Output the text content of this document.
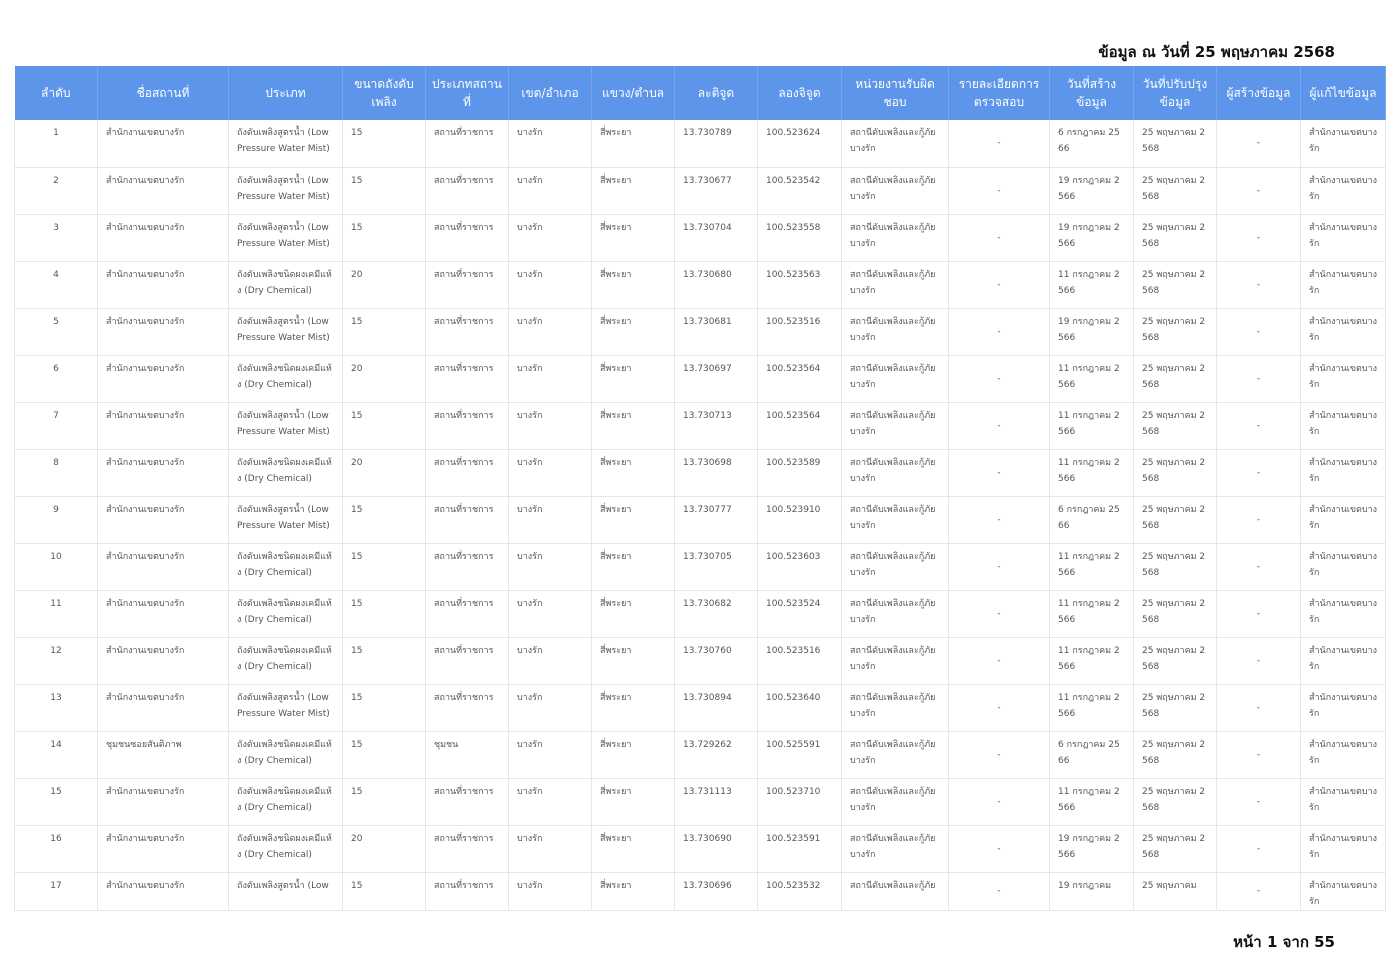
ข้อมูล ณ วันที่ 25 พฤษภาคม 2568
ลำดับ	ชื่อสถานที่	ประเภท	ขนาดถังดับเพลิง	ประเภทสถานที่	เขต/อำเภอ	แขวง/ตำบล	ละติจูด	ลองจิจูด	หน่วยงานรับผิดชอบ	รายละเอียดการตรวจสอบ	วันที่สร้างข้อมูล	วันที่ปรับปรุงข้อมูล	ผู้สร้างข้อมูล	ผู้แก้ไขข้อมูล
1	สำนักงานเขตบางรัก	ถังดับเพลิงสูตรน้ำ (Low Pressure Water Mist)	15	สถานที่ราชการ	บางรัก	สี่พระยา	13.730789	100.523624	สถานีดับเพลิงและกู้ภัยบางรัก	-	6 กรกฎาคม 2566	25 พฤษภาคม 2568	-	สำนักงานเขตบางรัก
2	สำนักงานเขตบางรัก	ถังดับเพลิงสูตรน้ำ (Low Pressure Water Mist)	15	สถานที่ราชการ	บางรัก	สี่พระยา	13.730677	100.523542	สถานีดับเพลิงและกู้ภัยบางรัก	-	19 กรกฎาคม 2566	25 พฤษภาคม 2568	-	สำนักงานเขตบางรัก
3	สำนักงานเขตบางรัก	ถังดับเพลิงสูตรน้ำ (Low Pressure Water Mist)	15	สถานที่ราชการ	บางรัก	สี่พระยา	13.730704	100.523558	สถานีดับเพลิงและกู้ภัยบางรัก	-	19 กรกฎาคม 2566	25 พฤษภาคม 2568	-	สำนักงานเขตบางรัก
4	สำนักงานเขตบางรัก	ถังดับเพลิงชนิดผงเคมีแห้ง (Dry Chemical)	20	สถานที่ราชการ	บางรัก	สี่พระยา	13.730680	100.523563	สถานีดับเพลิงและกู้ภัยบางรัก	-	11 กรกฎาคม 2566	25 พฤษภาคม 2568	-	สำนักงานเขตบางรัก
5	สำนักงานเขตบางรัก	ถังดับเพลิงสูตรน้ำ (Low Pressure Water Mist)	15	สถานที่ราชการ	บางรัก	สี่พระยา	13.730681	100.523516	สถานีดับเพลิงและกู้ภัยบางรัก	-	19 กรกฎาคม 2566	25 พฤษภาคม 2568	-	สำนักงานเขตบางรัก
6	สำนักงานเขตบางรัก	ถังดับเพลิงชนิดผงเคมีแห้ง (Dry Chemical)	20	สถานที่ราชการ	บางรัก	สี่พระยา	13.730697	100.523564	สถานีดับเพลิงและกู้ภัยบางรัก	-	11 กรกฎาคม 2566	25 พฤษภาคม 2568	-	สำนักงานเขตบางรัก
7	สำนักงานเขตบางรัก	ถังดับเพลิงสูตรน้ำ (Low Pressure Water Mist)	15	สถานที่ราชการ	บางรัก	สี่พระยา	13.730713	100.523564	สถานีดับเพลิงและกู้ภัยบางรัก	-	11 กรกฎาคม 2566	25 พฤษภาคม 2568	-	สำนักงานเขตบางรัก
8	สำนักงานเขตบางรัก	ถังดับเพลิงชนิดผงเคมีแห้ง (Dry Chemical)	20	สถานที่ราชการ	บางรัก	สี่พระยา	13.730698	100.523589	สถานีดับเพลิงและกู้ภัยบางรัก	-	11 กรกฎาคม 2566	25 พฤษภาคม 2568	-	สำนักงานเขตบางรัก
9	สำนักงานเขตบางรัก	ถังดับเพลิงสูตรน้ำ (Low Pressure Water Mist)	15	สถานที่ราชการ	บางรัก	สี่พระยา	13.730777	100.523910	สถานีดับเพลิงและกู้ภัยบางรัก	-	6 กรกฎาคม 2566	25 พฤษภาคม 2568	-	สำนักงานเขตบางรัก
10	สำนักงานเขตบางรัก	ถังดับเพลิงชนิดผงเคมีแห้ง (Dry Chemical)	15	สถานที่ราชการ	บางรัก	สี่พระยา	13.730705	100.523603	สถานีดับเพลิงและกู้ภัยบางรัก	-	11 กรกฎาคม 2566	25 พฤษภาคม 2568	-	สำนักงานเขตบางรัก
11	สำนักงานเขตบางรัก	ถังดับเพลิงชนิดผงเคมีแห้ง (Dry Chemical)	15	สถานที่ราชการ	บางรัก	สี่พระยา	13.730682	100.523524	สถานีดับเพลิงและกู้ภัยบางรัก	-	11 กรกฎาคม 2566	25 พฤษภาคม 2568	-	สำนักงานเขตบางรัก
12	สำนักงานเขตบางรัก	ถังดับเพลิงชนิดผงเคมีแห้ง (Dry Chemical)	15	สถานที่ราชการ	บางรัก	สี่พระยา	13.730760	100.523516	สถานีดับเพลิงและกู้ภัยบางรัก	-	11 กรกฎาคม 2566	25 พฤษภาคม 2568	-	สำนักงานเขตบางรัก
13	สำนักงานเขตบางรัก	ถังดับเพลิงสูตรน้ำ (Low Pressure Water Mist)	15	สถานที่ราชการ	บางรัก	สี่พระยา	13.730894	100.523640	สถานีดับเพลิงและกู้ภัยบางรัก	-	11 กรกฎาคม 2566	25 พฤษภาคม 2568	-	สำนักงานเขตบางรัก
14	ชุมชนซอยสันติภาพ	ถังดับเพลิงชนิดผงเคมีแห้ง (Dry Chemical)	15	ชุมชน	บางรัก	สี่พระยา	13.729262	100.525591	สถานีดับเพลิงและกู้ภัยบางรัก	-	6 กรกฎาคม 2566	25 พฤษภาคม 2568	-	สำนักงานเขตบางรัก
15	สำนักงานเขตบางรัก	ถังดับเพลิงชนิดผงเคมีแห้ง (Dry Chemical)	15	สถานที่ราชการ	บางรัก	สี่พระยา	13.731113	100.523710	สถานีดับเพลิงและกู้ภัยบางรัก	-	11 กรกฎาคม 2566	25 พฤษภาคม 2568	-	สำนักงานเขตบางรัก
16	สำนักงานเขตบางรัก	ถังดับเพลิงชนิดผงเคมีแห้ง (Dry Chemical)	20	สถานที่ราชการ	บางรัก	สี่พระยา	13.730690	100.523591	สถานีดับเพลิงและกู้ภัยบางรัก	-	19 กรกฎาคม 2566	25 พฤษภาคม 2568	-	สำนักงานเขตบางรัก
17	สำนักงานเขตบางรัก	ถังดับเพลิงสูตรน้ำ (Low	15	สถานที่ราชการ	บางรัก	สี่พระยา	13.730696	100.523532	สถานีดับเพลิงและกู้ภัย	-	19 กรกฎาคม	25 พฤษภาคม	-	สำนักงานเขตบางรัก
หน้า 1 จาก 55
